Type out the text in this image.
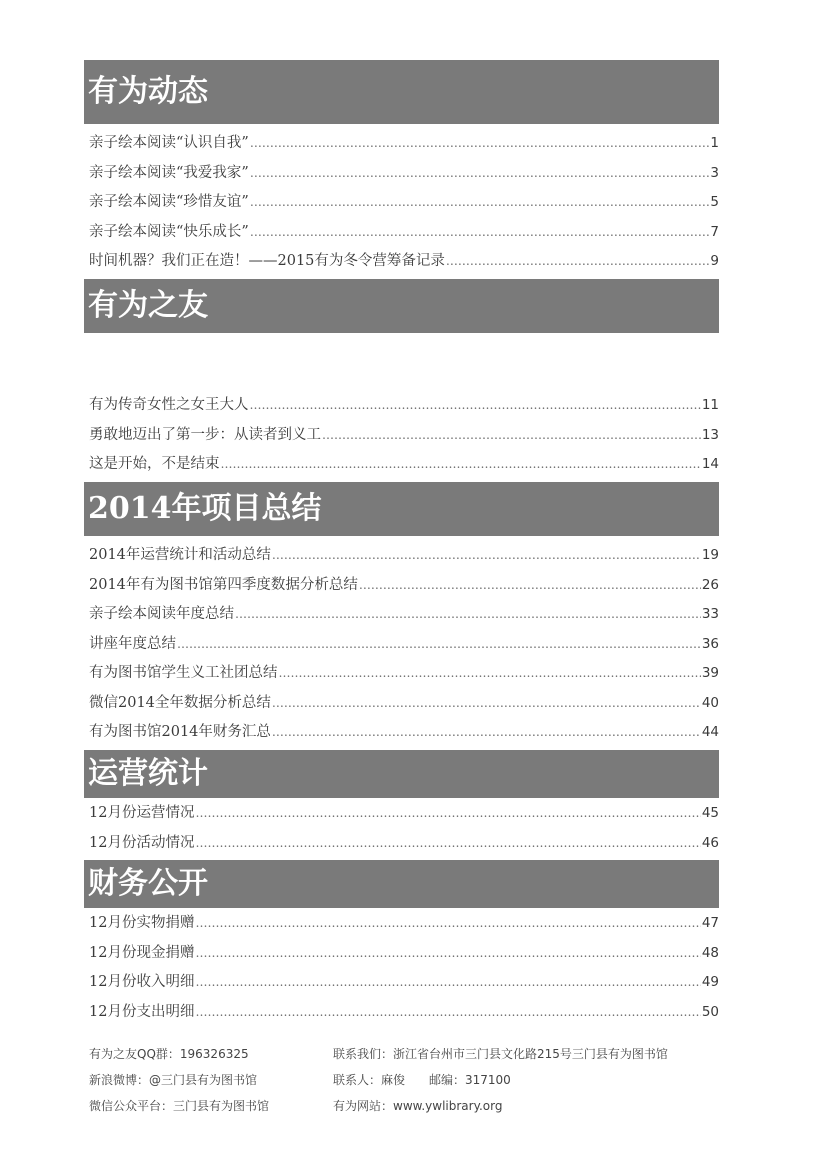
有为动态
亲子绘本阅读“认识自我” ……………………………………………………………………………………………………………………………………………………………………………………………………	1
亲子绘本阅读“我爱我家” ……………………………………………………………………………………………………………………………………………………………………………………………………	3
亲子绘本阅读“珍惜友谊” ……………………………………………………………………………………………………………………………………………………………………………………………………	5
亲子绘本阅读“快乐成长” ……………………………………………………………………………………………………………………………………………………………………………………………………	7
时间机器？我们正在造！——2015有为冬令营筹备记录 ……………………………………………………………………………………………………………………………………………………………………………………………………	9
有为之友
有为传奇女性之女王大人 ……………………………………………………………………………………………………………………………………………………………………………………………………	11
勇敢地迈出了第一步：从读者到义工 ……………………………………………………………………………………………………………………………………………………………………………………………………	13
这是开始，不是结束 ……………………………………………………………………………………………………………………………………………………………………………………………………	14
2014年项目总结
2014年运营统计和活动总结 ……………………………………………………………………………………………………………………………………………………………………………………………………	19
2014年有为图书馆第四季度数据分析总结 ……………………………………………………………………………………………………………………………………………………………………………………………………	26
亲子绘本阅读年度总结 ……………………………………………………………………………………………………………………………………………………………………………………………………	33
讲座年度总结 ……………………………………………………………………………………………………………………………………………………………………………………………………	36
有为图书馆学生义工社团总结 ……………………………………………………………………………………………………………………………………………………………………………………………………	39
微信2014全年数据分析总结 ……………………………………………………………………………………………………………………………………………………………………………………………………	40
有为图书馆2014年财务汇总 ……………………………………………………………………………………………………………………………………………………………………………………………………	44
运营统计
12月份运营情况 ……………………………………………………………………………………………………………………………………………………………………………………………………	45
12月份活动情况 ……………………………………………………………………………………………………………………………………………………………………………………………………	46
财务公开
12月份实物捐赠 ……………………………………………………………………………………………………………………………………………………………………………………………………	47
12月份现金捐赠 ……………………………………………………………………………………………………………………………………………………………………………………………………	48
12月份收入明细 ……………………………………………………………………………………………………………………………………………………………………………………………………	49
12月份支出明细 ……………………………………………………………………………………………………………………………………………………………………………………………………	50
有为之友QQ群：196326325	联系我们：浙江省台州市三门县文化路215号三门县有为图书馆
新浪微博：@三门县有为图书馆	联系人：麻俊　　邮编：317100
微信公众平台：三门县有为图书馆	有为网站：www.ywlibrary.org
